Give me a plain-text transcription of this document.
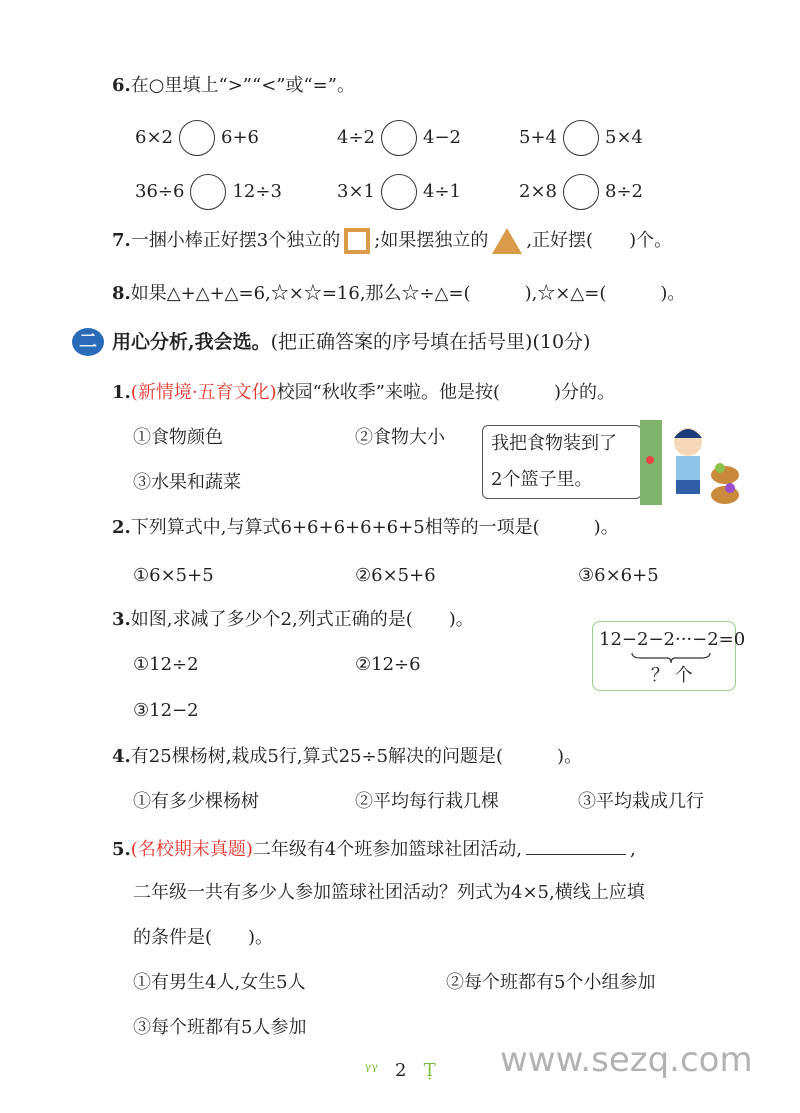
6.在○里填上“>”“<”或“=”。
6×2	6+6	4÷2	4−2	5+4	5×4
36÷6	12÷3	3×1	4÷1	2×8	8÷2
7.一捆小棒正好摆3个独立的 ;如果摆独立的 ,正好摆(　　)个。
8.如果△+△+△=6,☆×☆=16,那么☆÷△=(　　　),☆×△=(　　　)。
二 用心分析,我会选。(把正确答案的序号填在括号里)(10分)
1.(新情境·五育文化)校园“秋收季”来啦。他是按(　　　)分的。
①食物颜色	②食物大小
③水果和蔬菜
我把食物装到了
2个篮子里。
2.下列算式中,与算式6+6+6+6+6+5相等的一项是(　　　)。
①6×5+5	②6×5+6	③6×6+5
3.如图,求减了多少个2,列式正确的是(　　)。
①12÷2	②12÷6
③12−2
12−2−2···−2=0
？ 个
4.有25棵杨树,栽成5行,算式25÷5解决的问题是(　　　)。
①有多少棵杨树	②平均每行栽几棵	③平均栽成几行
5.(名校期末真题)二年级有4个班参加篮球社团活动,	,
二年级一共有多少人参加篮球社团活动？列式为4×5,横线上应填
的条件是(　　)。
①有男生4人,女生5人	②每个班都有5个小组参加
③每个班都有5人参加
ᵞᵞ 2 Ṭ	www.sezq.com
